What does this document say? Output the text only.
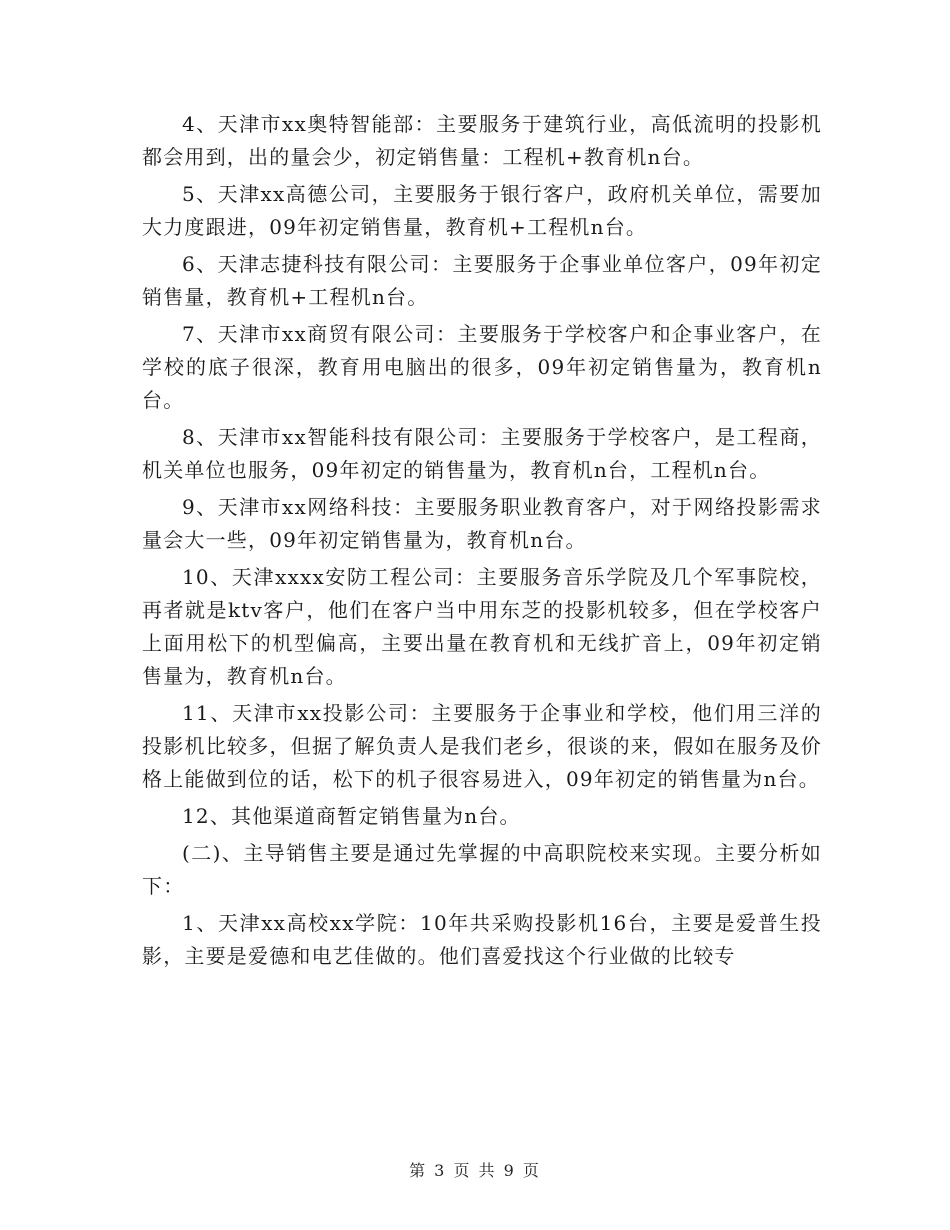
4、天津市xx奥特智能部：主要服务于建筑行业，高低流明的投影机都会用到，出的量会少，初定销售量：工程机+教育机n台。

5、天津xx高德公司，主要服务于银行客户，政府机关单位，需要加大力度跟进，09年初定销售量，教育机+工程机n台。

6、天津志捷科技有限公司：主要服务于企事业单位客户，09年初定销售量，教育机+工程机n台。

7、天津市xx商贸有限公司：主要服务于学校客户和企事业客户，在学校的底子很深，教育用电脑出的很多，09年初定销售量为，教育机n台。

8、天津市xx智能科技有限公司：主要服务于学校客户，是工程商，机关单位也服务，09年初定的销售量为，教育机n台，工程机n台。

9、天津市xx网络科技：主要服务职业教育客户，对于网络投影需求量会大一些，09年初定销售量为，教育机n台。

10、天津xxxx安防工程公司：主要服务音乐学院及几个军事院校，再者就是ktv客户，他们在客户当中用东芝的投影机较多，但在学校客户上面用松下的机型偏高，主要出量在教育机和无线扩音上，09年初定销售量为，教育机n台。

11、天津市xx投影公司：主要服务于企事业和学校，他们用三洋的投影机比较多，但据了解负责人是我们老乡，很谈的来，假如在服务及价格上能做到位的话，松下的机子很容易进入，09年初定的销售量为n台。

12、其他渠道商暂定销售量为n台。

(二)、主导销售主要是通过先掌握的中高职院校来实现。主要分析如下：

1、天津xx高校xx学院：10年共采购投影机16台，主要是爱普生投影，主要是爱德和电艺佳做的。他们喜爱找这个行业做的比较专

第 3 页 共 9 页
